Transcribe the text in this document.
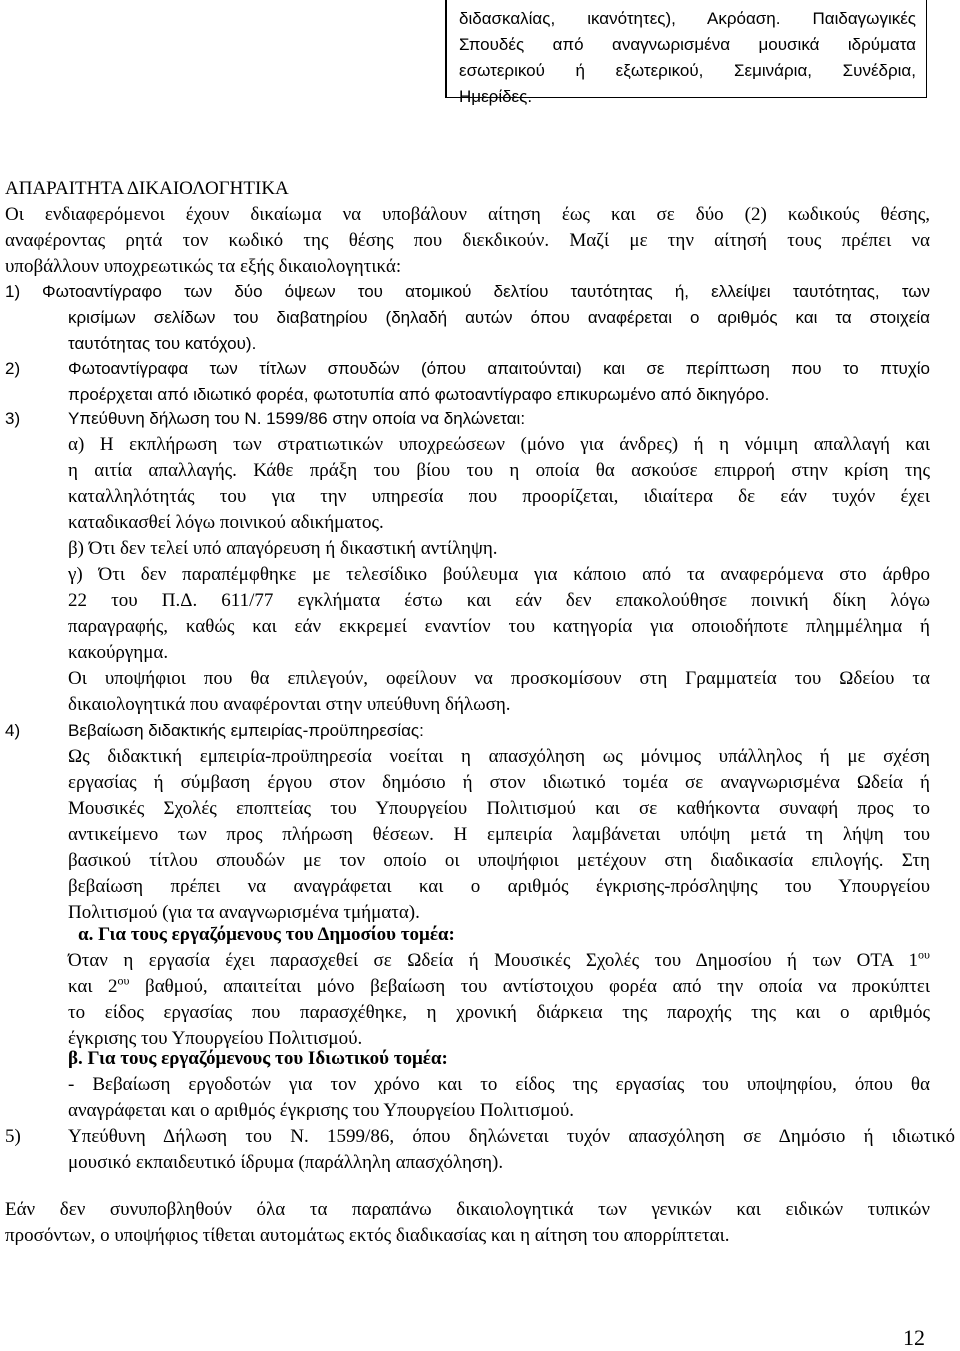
διδασκαλίας, ικανότητες), Ακρόαση. Παιδαγωγικές
Σπουδές από αναγνωρισμένα μουσικά ιδρύματα
εσωτερικού ή εξωτερικού, Σεμινάρια, Συνέδρια,
Ημερίδες.
ΑΠΑΡΑΙΤΗΤΑ ΔΙΚΑΙΟΛΟΓΗΤΙΚΑ
Οι ενδιαφερόμενοι έχουν δικαίωμα να υποβάλουν αίτηση έως και σε δύο (2) κωδικούς θέσης,
αναφέροντας ρητά τον κωδικό της θέσης που διεκδικούν. Μαζί με την αίτησή τους πρέπει να
υποβάλλουν υποχρεωτικώς τα εξής δικαιολογητικά:
1) Φωτοαντίγραφο των δύο όψεων του ατομικού δελτίου ταυτότητας ή, ελλείψει ταυτότητας, των
κρισίμων σελίδων του διαβατηρίου (δηλαδή αυτών όπου αναφέρεται ο αριθμός και τα στοιχεία
ταυτότητας του κατόχου).
2)	Φωτοαντίγραφα των τίτλων σπουδών (όπου απαιτούνται) και σε περίπτωση που το πτυχίο
προέρχεται από ιδιωτικό φορέα, φωτοτυπία από φωτοαντίγραφο επικυρωμένο από δικηγόρο.
3)	Υπεύθυνη δήλωση του Ν. 1599/86 στην οποία να δηλώνεται:
α) Η εκπλήρωση των στρατιωτικών υποχρεώσεων (μόνο για άνδρες) ή η νόμιμη απαλλαγή και
η αιτία απαλλαγής. Κάθε πράξη του βίου του η οποία θα ασκούσε επιρροή στην κρίση της
καταλληλότητάς του για την υπηρεσία που προορίζεται, ιδιαίτερα δε εάν τυχόν έχει
καταδικασθεί λόγω ποινικού αδικήματος.
β) Ότι δεν τελεί υπό απαγόρευση ή δικαστική αντίληψη.
γ) Ότι δεν παραπέμφθηκε με τελεσίδικο βούλευμα για κάποιο από τα αναφερόμενα στο άρθρο
22 του Π.Δ. 611/77 εγκλήματα έστω και εάν δεν επακολούθησε ποινική δίκη λόγω
παραγραφής, καθώς και εάν εκκρεμεί εναντίον του κατηγορία για οποιοδήποτε πλημμέλημα ή
κακούργημα.
Οι υποψήφιοι που θα επιλεγούν, οφείλουν να προσκομίσουν στη Γραμματεία του Ωδείου τα
δικαιολογητικά που αναφέρονται στην υπεύθυνη δήλωση.
4)	Βεβαίωση διδακτικής εμπειρίας-προϋπηρεσίας:
Ως διδακτική εμπειρία-προϋπηρεσία νοείται η απασχόληση ως μόνιμος υπάλληλος ή με σχέση
εργασίας ή σύμβαση έργου στον δημόσιο ή στον ιδιωτικό τομέα σε αναγνωρισμένα Ωδεία ή
Μουσικές Σχολές εποπτείας του Υπουργείου Πολιτισμού και σε καθήκοντα συναφή προς το
αντικείμενο των προς πλήρωση θέσεων. Η εμπειρία λαμβάνεται υπόψη μετά τη λήψη του
βασικού τίτλου σπουδών με τον οποίο οι υποψήφιοι μετέχουν στη διαδικασία επιλογής. Στη
βεβαίωση πρέπει να αναγράφεται και ο αριθμός έγκρισης-πρόσληψης του Υπουργείου
Πολιτισμού (για τα αναγνωρισμένα τμήματα).
α. Για τους εργαζόμενους του Δημοσίου τομέα:
Όταν η εργασία έχει παρασχεθεί σε Ωδεία ή Μουσικές Σχολές του Δημοσίου ή των ΟΤΑ $1^{o\upsilon}$
και $2^{o\upsilon}$ βαθμού, απαιτείται μόνο βεβαίωση του αντίστοιχου φορέα από την οποία να προκύπτει
το είδος εργασίας που παρασχέθηκε, η χρονική διάρκεια της παροχής της και ο αριθμός
έγκρισης του Υπουργείου Πολιτισμού.
β. Για τους εργαζόμενους του Ιδιωτικού τομέα:
- Βεβαίωση εργοδοτών για τον χρόνο και το είδος της εργασίας του υποψηφίου, όπου θα
αναγράφεται και ο αριθμός έγκρισης του Υπουργείου Πολιτισμού.
5) Υπεύθυνη Δήλωση του Ν. 1599/86, όπου δηλώνεται τυχόν απασχόληση σε Δημόσιο ή ιδιωτικό
μουσικό εκπαιδευτικό ίδρυμα (παράλληλη απασχόληση).
Εάν δεν συνυποβληθούν όλα τα παραπάνω δικαιολογητικά των γενικών και ειδικών τυπικών
προσόντων, ο υποψήφιος τίθεται αυτομάτως εκτός διαδικασίας και η αίτηση του απορρίπτεται.
12
